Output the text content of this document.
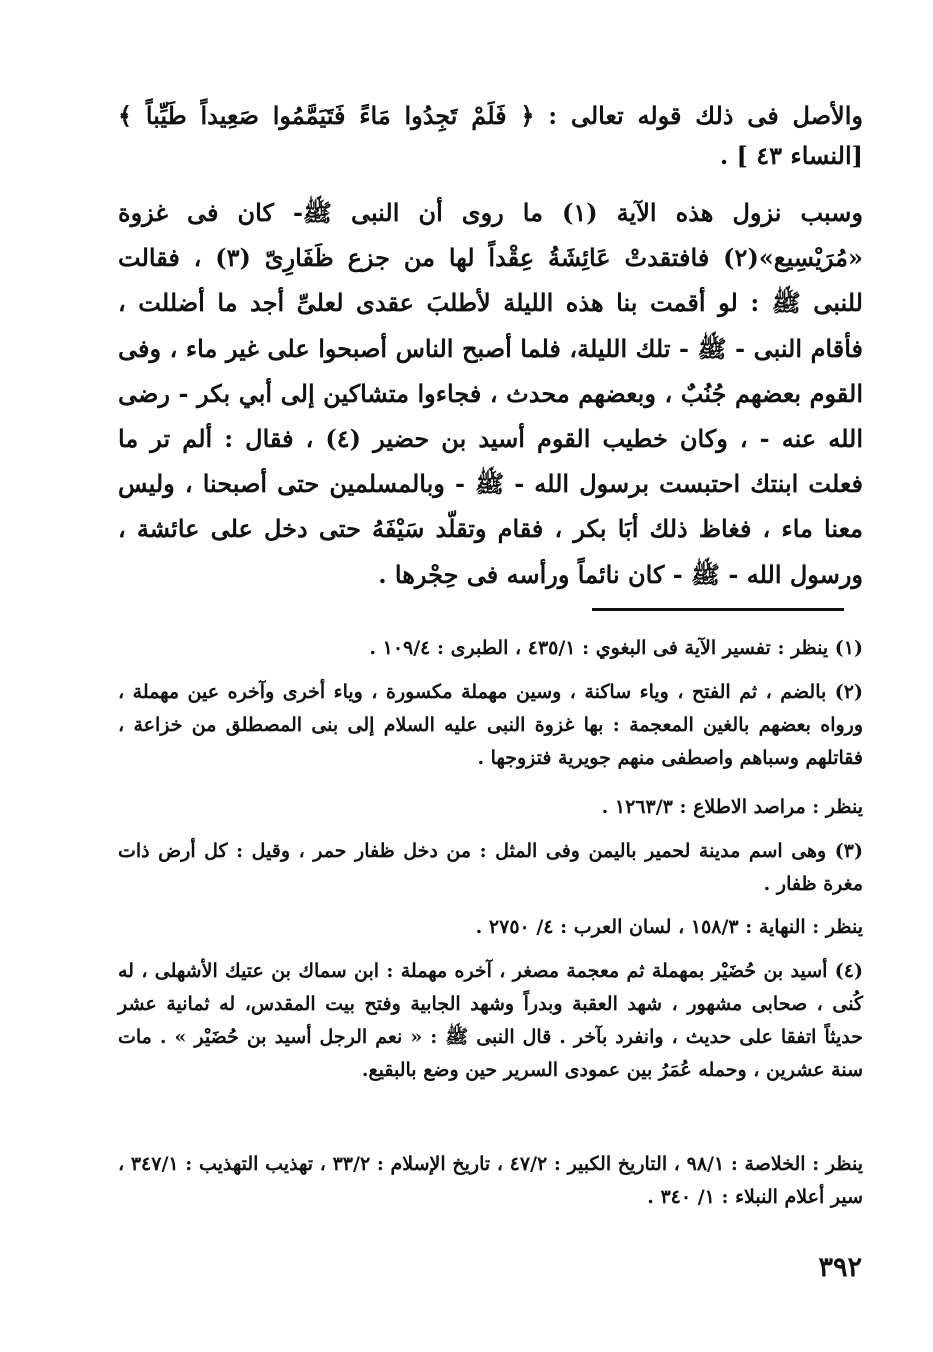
والأصل فى ذلك قوله تعالى : ﴿ فَلَمْ تَجِدُوا مَاءً فَتَيَمَّمُوا صَعِيداً طَيِّباً ﴾ [النساء ٤٣ ] .

وسبب نزول هذه الآية (١) ما روى أن النبى ﷺ- كان فى غزوة «مُرَيْسِيع»(٢) فافتقدتْ عَائِشَةُ عِقْداً لها من جزع ظَفَارِىّ (٣) ، فقالت للنبى ﷺ : لو أقمت بنا هذه الليلة لأطلبَ عقدى لعلىِّ أجد ما أضللت ، فأقام النبى - ﷺ - تلك الليلة، فلما أصبح الناس أصبحوا على غير ماء ، وفى القوم بعضهم جُنُبٌ ، وبعضهم محدث ، فجاءوا متشاكين إلى أبي بكر - رضى الله عنه - ، وكان خطيب القوم أسيد بن حضير (٤) ، فقال : ألم تر ما فعلت ابنتك احتبست برسول الله - ﷺ - وبالمسلمين حتى أصبحنا ، وليس معنا ماء ، فغاظ ذلك أبَا بكر ، فقام وتقلّد سَيْفَهُ حتى دخل على عائشة ، ورسول الله - ﷺ - كان نائماً ورأسه فى حِجْرها .

(١) ينظر : تفسير الآية فى البغوي : ٤٣٥/١ ، الطبرى : ١٠٩/٤ .

(٢) بالضم ، ثم الفتح ، وياء ساكنة ، وسين مهملة مكسورة ، وياء أخرى وآخره عين مهملة ، ورواه بعضهم بالغين المعجمة : بها غزوة النبى عليه السلام إلى بنى المصطلق من خزاعة ، فقاتلهم وسباهم واصطفى منهم جويرية فتزوجها .

ينظر : مراصد الاطلاع : ١٢٦٣/٣ .

(٣) وهى اسم مدينة لحمير باليمن وفى المثل : من دخل ظفار حمر ، وقيل : كل أرض ذات مغرة ظفار .

ينظر : النهاية : ١٥٨/٣ ، لسان العرب : ٤/ ٢٧٥٠ .

(٤) أسيد بن حُضَيْر بمهملة ثم معجمة مصغر ، آخره مهملة : ابن سماك بن عتيك الأشهلى ، له كُنى ، صحابى مشهور ، شهد العقبة وبدراً وشهد الجابية وفتح بيت المقدس، له ثمانية عشر حديثاً اتفقا على حديث ، وانفرد بآخر . قال النبى ﷺ : « نعم الرجل أسيد بن حُضَيْر » . مات سنة عشرين ، وحمله عُمَرُ بين عمودى السرير حين وضع بالبقيع.

ينظر : الخلاصة : ٩٨/١ ، التاريخ الكبير : ٤٧/٢ ، تاريخ الإسلام : ٣٣/٢ ، تهذيب التهذيب : ٣٤٧/١ ، سير أعلام النبلاء : ١/ ٣٤٠ .

٣٩٢
